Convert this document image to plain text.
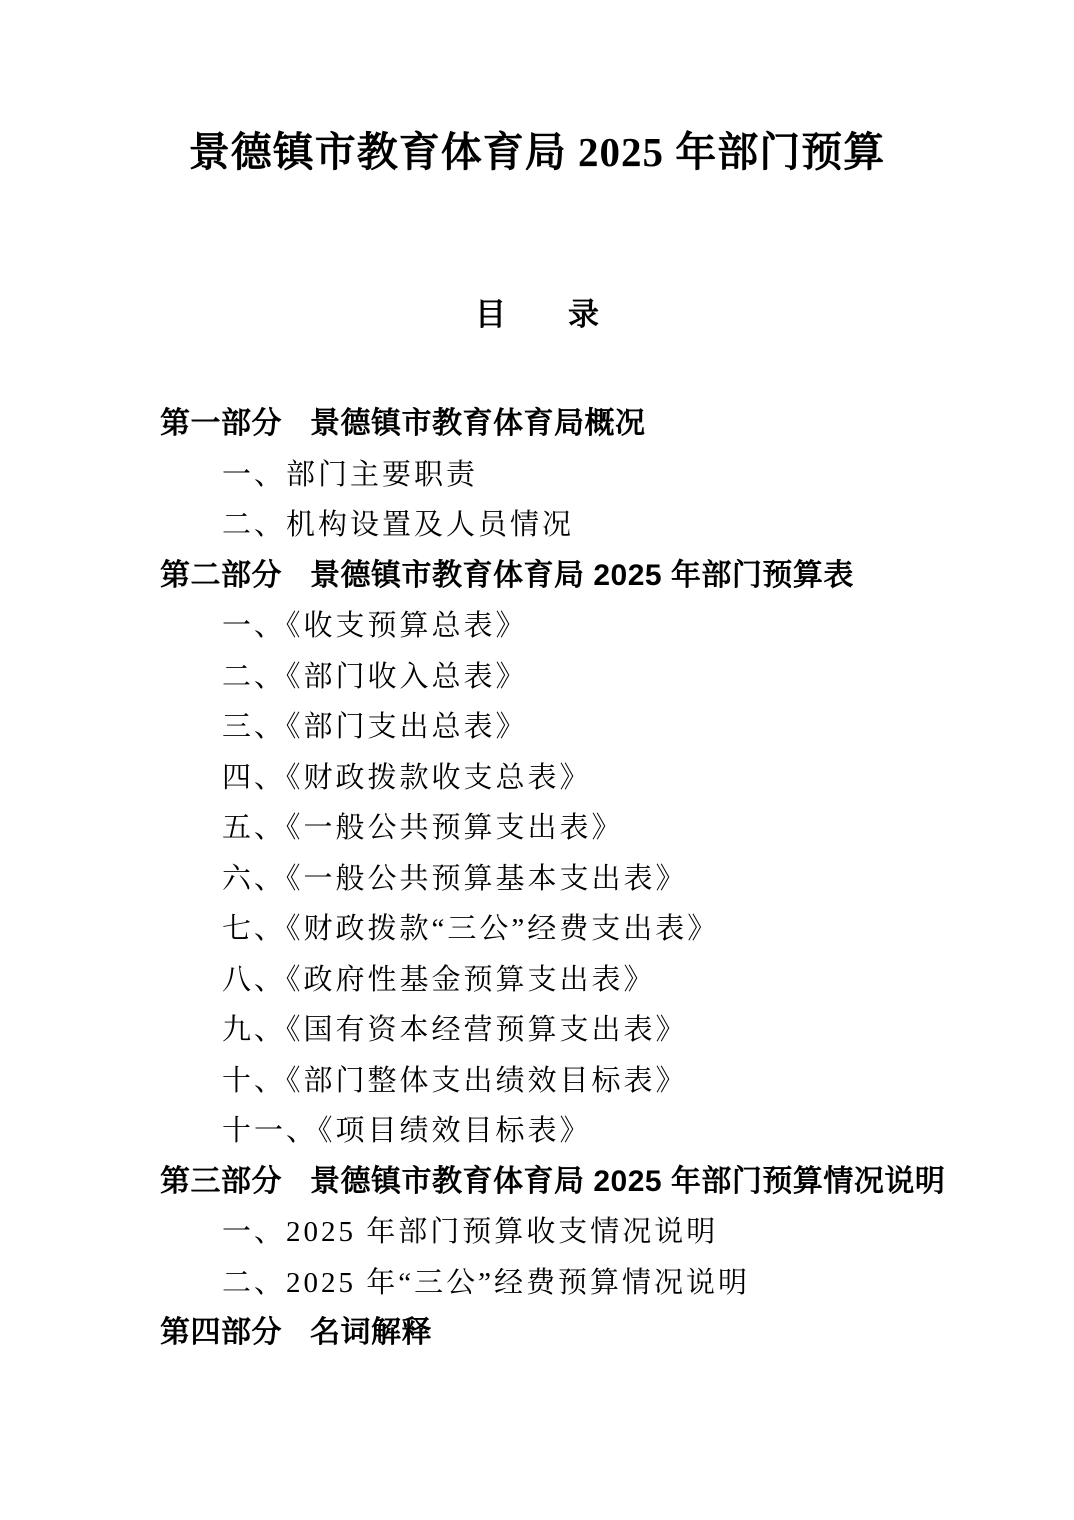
景德镇市教育体育局 2025 年部门预算
目　　录
第一部分 景德镇市教育体育局概况
一、部门主要职责
二、机构设置及人员情况
第二部分 景德镇市教育体育局 2025 年部门预算表
一、《收支预算总表》
二、《部门收入总表》
三、《部门支出总表》
四、《财政拨款收支总表》
五、《一般公共预算支出表》
六、《一般公共预算基本支出表》
七、《财政拨款“三公”经费支出表》
八、《政府性基金预算支出表》
九、《国有资本经营预算支出表》
十、《部门整体支出绩效目标表》
十一、《项目绩效目标表》
第三部分 景德镇市教育体育局 2025 年部门预算情况说明
一、2025 年部门预算收支情况说明
二、2025 年“三公”经费预算情况说明
第四部分 名词解释
